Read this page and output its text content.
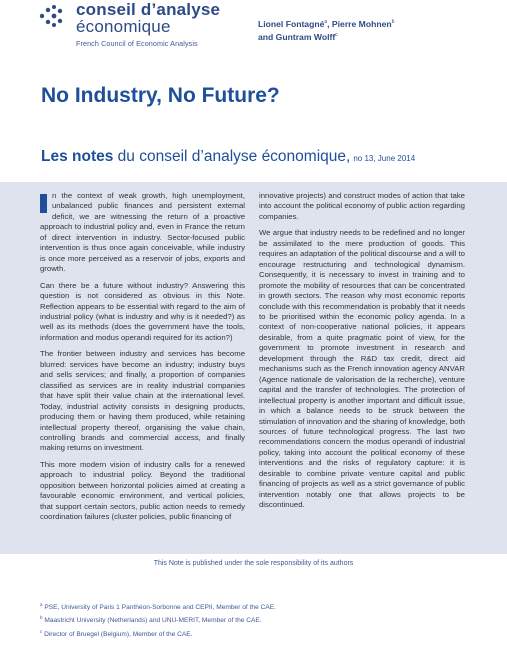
conseil d’analyse
économique
French Council of Economic Analysis
Lionel Fontagné$^a$, Pierre Mohnen$^b$
and Guntram Wolff$^c$
No Industry, No Future?
Les notes du conseil d’analyse économique, no 13, June 2014

n the context of weak growth, high unemployment, unbalanced public finances and persistent external deficit, we are witnessing the return of a proactive approach to industrial policy and, even in France the return of direct intervention in industry. Sector-focused public intervention is thus once again conceivable, while industry is once more perceived as a reservoir of jobs, exports and growth.

Can there be a future without industry? Answering this question is not considered as obvious in this Note. Reflection appears to be essential with regard to the aim of industrial policy (what is industry and why is it needed?) as well as its methods (does the government have the tools, information and modus operandi required for its action?)

The frontier between industry and services has become blurred: services have become an industry; industry buys and sells services; and finally, a proportion of companies classified as services are in reality industrial companies that have split their value chain at the international level. Today, industrial activity consists in designing products, producing them or having them produced, while retaining intellectual property thereof, organising the value chain, controlling brands and commercial access, and finally making returns on investment.

This more modern vision of industry calls for a renewed approach to industrial policy. Beyond the traditional opposition between horizontal policies aimed at creating a favourable economic environment, and vertical policies, that support certain sectors, public action needs to remedy coordination failures (cluster policies, public financing of

innovative projects) and construct modes of action that take into account the political economy of public action regarding companies.

We argue that industry needs to be redefined and no longer be assimilated to the mere production of goods. This requires an adaptation of the political discourse and a will to encourage restructuring and technological dynamism. Consequently, it is necessary to invest in training and to promote the mobility of resources that can be concentrated in growth sectors. The reason why most economic reports conclude with this recommendation is probably that it needs to be prioritised within the economic policy agenda. In a context of non-cooperative national policies, it appears desirable, from a quite pragmatic point of view, for the government to promote investment in research and development through the R&D tax credit, direct aid mechanisms such as the French innovation agency ANVAR (Agence nationale de valorisation de la recherche), venture capital and the transfer of technologies. The protection of intellectual property is another important and difficult issue, in which a balance needs to be struck between the stimulation of innovation and the sharing of knowledge, both sources of future technological progress. The last two recommendations concern the modus operandi of industrial policy, taking into account the political economy of these interventions and the risks of regulatory capture: it is desirable to combine private venture capital and public financing of projects as well as a strict governance of public intervention notably one that allows projects to be discontinued.

This Note is published under the sole responsibility of its authors
$^a$ PSE, University of Paris 1 Panthéon-Sorbonne and CEPII, Member of the CAE.
$^b$ Maastricht University (Netherlands) and UNU-MERIT, Member of the CAE.
$^c$ Director of Bruegel (Belgium), Member of the CAE.
